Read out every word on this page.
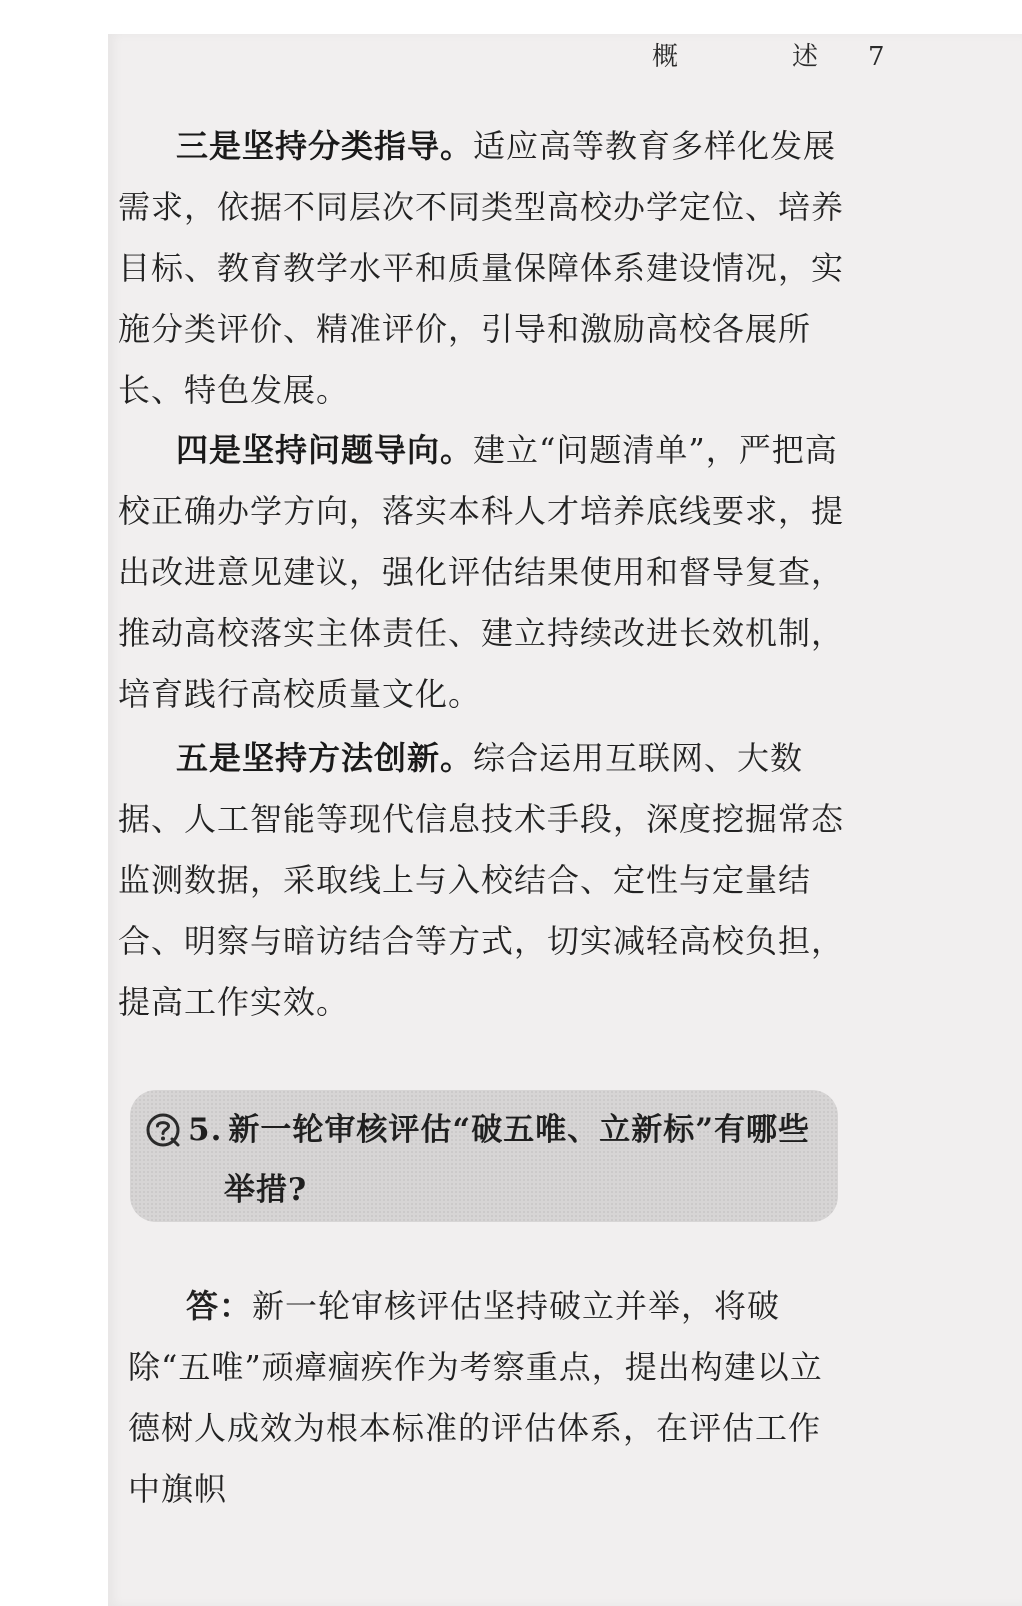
概　述 7
三是坚持分类指导。适应高等教育多样化发展需求，依据不同层次不同类型高校办学定位、培养目标、教育教学水平和质量保障体系建设情况，实施分类评价、精准评价，引导和激励高校各展所长、特色发展。
四是坚持问题导向。建立“问题清单”，严把高校正确办学方向，落实本科人才培养底线要求，提出改进意见建议，强化评估结果使用和督导复查，推动高校落实主体责任、建立持续改进长效机制，培育践行高校质量文化。
五是坚持方法创新。综合运用互联网、大数据、人工智能等现代信息技术手段，深度挖掘常态监测数据，采取线上与入校结合、定性与定量结合、明察与暗访结合等方式，切实减轻高校负担，提高工作实效。
5. 新一轮审核评估“破五唯、立新标”有哪些
举措?
答：新一轮审核评估坚持破立并举，将破除“五唯”顽瘴痼疾作为考察重点，提出构建以立德树人成效为根本标准的评估体系，在评估工作中旗帜
